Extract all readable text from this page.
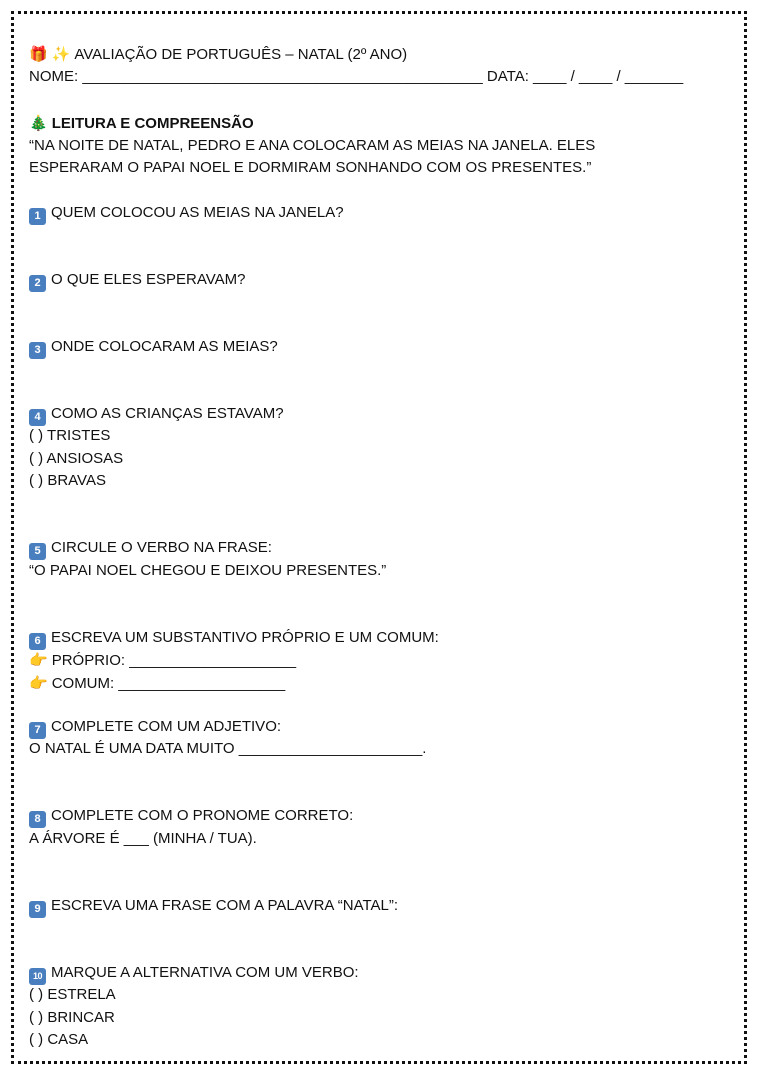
🎁 ✨ AVALIAÇÃO DE PORTUGUÊS – NATAL (2º ANO)
NOME: ________________________________________________ DATA: ____ / ____ / _______
🎄 LEITURA E COMPREENSÃO
“NA NOITE DE NATAL, PEDRO E ANA COLOCARAM AS MEIAS NA JANELA. ELES
ESPERARAM O PAPAI NOEL E DORMIRAM SONHANDO COM OS PRESENTES.”
1 QUEM COLOCOU AS MEIAS NA JANELA?
2 O QUE ELES ESPERAVAM?
3 ONDE COLOCARAM AS MEIAS?
4 COMO AS CRIANÇAS ESTAVAM?
( ) TRISTES
( ) ANSIOSAS
( ) BRAVAS
5 CIRCULE O VERBO NA FRASE:
“O PAPAI NOEL CHEGOU E DEIXOU PRESENTES.”
6 ESCREVA UM SUBSTANTIVO PRÓPRIO E UM COMUM:
👉 PRÓPRIO: ____________________
👉 COMUM: ____________________
7 COMPLETE COM UM ADJETIVO:
O NATAL É UMA DATA MUITO ______________________.
8 COMPLETE COM O PRONOME CORRETO:
A ÁRVORE É ___ (MINHA / TUA).
9 ESCREVA UMA FRASE COM A PALAVRA “NATAL”:
10 MARQUE A ALTERNATIVA COM UM VERBO:
( ) ESTRELA
( ) BRINCAR
( ) CASA
